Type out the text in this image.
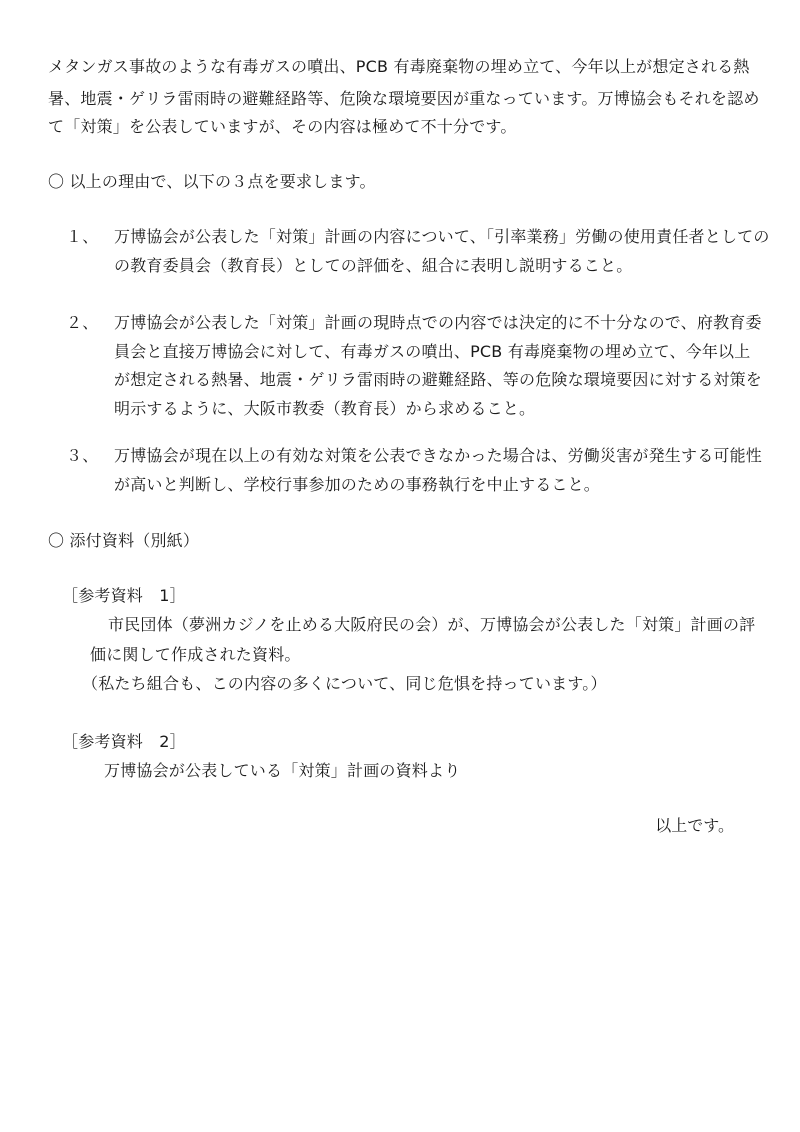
メタンガス事故のような有毒ガスの噴出、PCB 有毒廃棄物の埋め立て、今年以上が想定される熱
暑、地震・ゲリラ雷雨時の避難経路等、危険な環境要因が重なっています。万博協会もそれを認め
て「対策」を公表していますが、その内容は極めて不十分です。
〇 以上の理由で、以下の３点を要求します。
１、 万博協会が公表した「対策」計画の内容について、「引率業務」労働の使用責任者としての
の教育委員会（教育長）としての評価を、組合に表明し説明すること。
２、 万博協会が公表した「対策」計画の現時点での内容では決定的に不十分なので、府教育委
員会と直接万博協会に対して、有毒ガスの噴出、PCB 有毒廃棄物の埋め立て、今年以上
が想定される熱暑、地震・ゲリラ雷雨時の避難経路、等の危険な環境要因に対する対策を
明示するように、大阪市教委（教育長）から求めること。
３、 万博協会が現在以上の有効な対策を公表できなかった場合は、労働災害が発生する可能性
が高いと判断し、学校行事参加のための事務執行を中止すること。
〇 添付資料（別紙）
［参考資料　1］
市民団体（夢洲カジノを止める大阪府民の会）が、万博協会が公表した「対策」計画の評
価に関して作成された資料。
（私たち組合も、この内容の多くについて、同じ危惧を持っています。）
［参考資料　2］
万博協会が公表している「対策」計画の資料より
以上です。
